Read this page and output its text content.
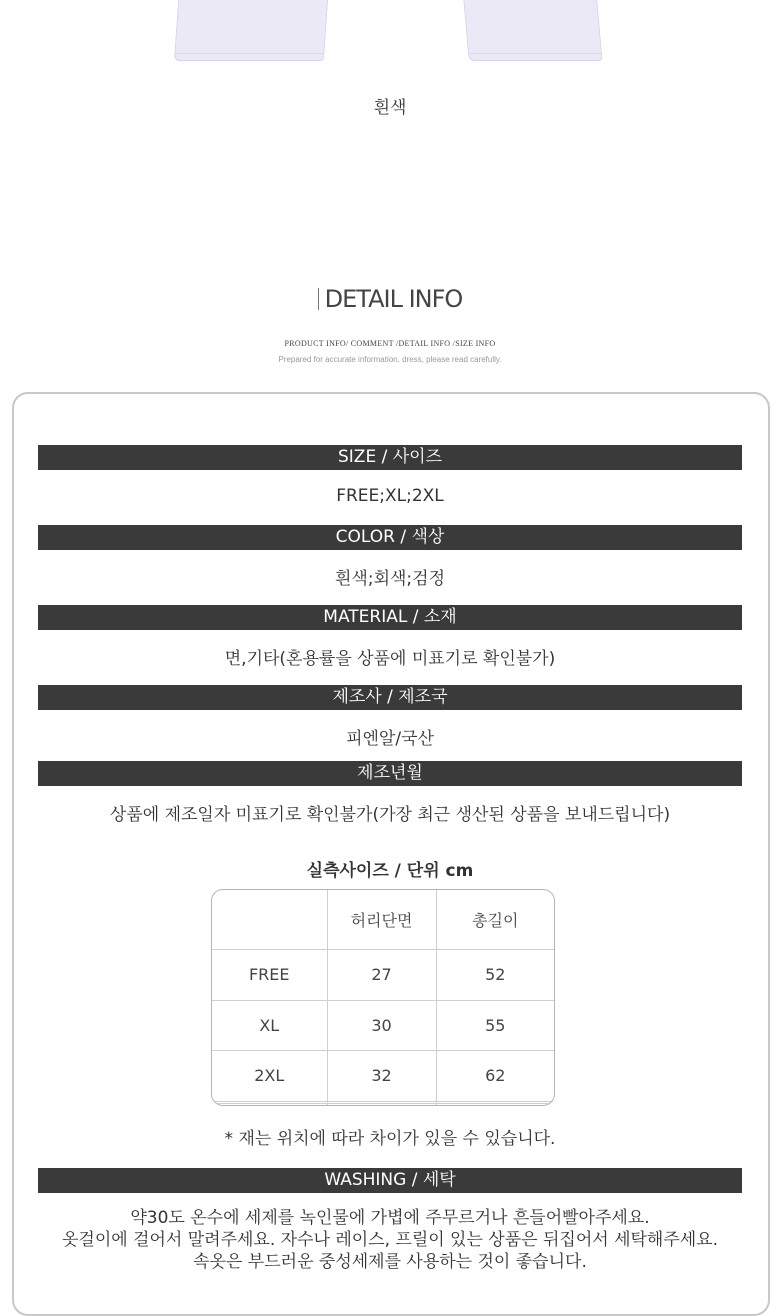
흰색
DETAIL INFO
PRODUCT INFO/ COMMENT /DETAIL INFO /SIZE INFO
Prepared for accurate information, dress, please read carefully.
SIZE / 사이즈
FREE;XL;2XL
COLOR / 색상
흰색;회색;검정
MATERIAL / 소재
면,기타(혼용률을 상품에 미표기로 확인불가)
제조사 / 제조국
피엔알/국산
제조년월
상품에 제조일자 미표기로 확인불가(가장 최근 생산된 상품을 보내드립니다)
실측사이즈 / 단위 cm
	허리단면	총길이
FREE	27	52
XL	30	55
2XL	32	62

* 재는 위치에 따라 차이가 있을 수 있습니다.
WASHING / 세탁
약30도 온수에 세제를 녹인물에 가볍에 주무르거나 흔들어빨아주세요.
옷걸이에 걸어서 말려주세요. 자수나 레이스, 프릴이 있는 상품은 뒤집어서 세탁해주세요.
속옷은 부드러운 중성세제를 사용하는 것이 좋습니다.
